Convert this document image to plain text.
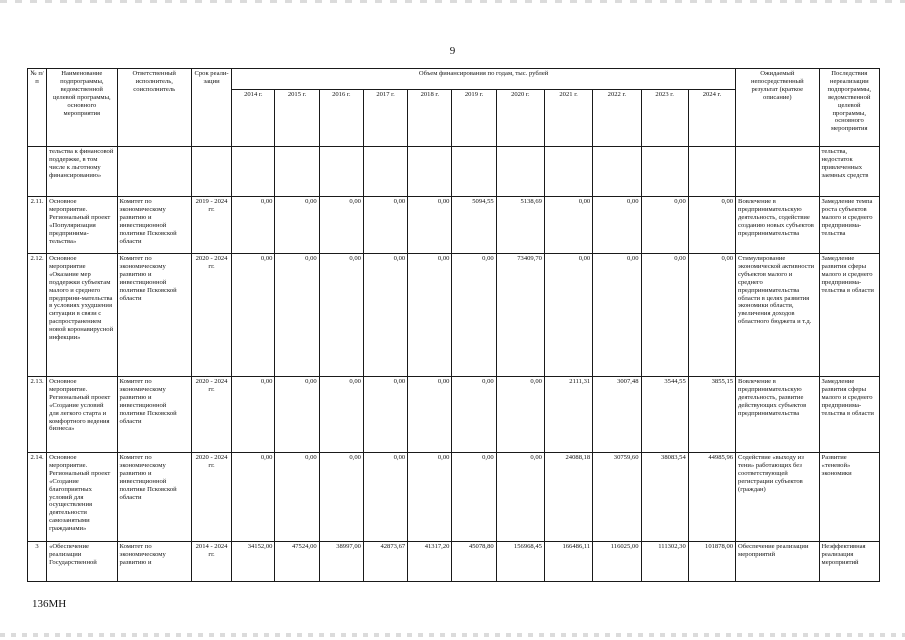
9
№ п/п	Наименование подпрограммы, ведомственной целевой программы, основного мероприятия	Ответственный исполнитель, соисполнитель	Срок реали-зации	Объем финансирования по годам, тыс. рублей											Ожидаемый непосредственный результат (краткое описание)	Последствия нереализации подпрограммы, ведомственной целевой программы, основного мероприятия
				2014 г.	2015 г.	2016 г.	2017 г.	2018 г.	2019 г.	2020 г.	2021 г.	2022 г.	2023 г.	2024 г.		
	тельства к финансовой поддержке, в том числе к льготному финансированию»															тельства, недостаток привлеченных заемных средств
2.11.	Основное мероприятие. Региональный проект «Популяризация предпринима-тельства»	Комитет по экономическому развитию и инвестиционной политике Псковской области	2019 - 2024 гг.	0,00	0,00	0,00	0,00	0,00	5094,55	5138,69	0,00	0,00	0,00	0,00	Вовлечение в предпринимательскую деятельность, содействие созданию новых субъектов предпринимательства	Замедление темпа роста субъектов малого и среднего предпринима-тельства
2.12.	Основное мероприятие «Оказание мер поддержки субъектам малого и среднего предприни-мательства в условиях ухудшения ситуации в связи с распространением новой коронавирусной инфекции»	Комитет по экономическому развитию и инвестиционной политике Псковской области	2020 - 2024 гг.	0,00	0,00	0,00	0,00	0,00	0,00	73409,70	0,00	0,00	0,00	0,00	Стимулирование экономической активности субъектов малого и среднего предпринимательства области в целях развития экономики области, увеличения доходов областного бюджета и т.д.	Замедление развития сферы малого и среднего предпринима-тельства в области
2.13.	Основное мероприятие. Региональный проект «Создание условий для легкого старта и комфортного ведения бизнеса»	Комитет по экономическому развитию и инвестиционной политике Псковской области	2020 - 2024 гг.	0,00	0,00	0,00	0,00	0,00	0,00	0,00	2111,31	3007,48	3544,55	3855,15	Вовлечение в предпринимательскую деятельность, развитие действующих субъектов предпринимательства	Замедление развития сферы малого и среднего предпринима-тельства в области
2.14.	Основное мероприятие. Региональный проект «Создание благоприятных условий для осуществления деятельности самозанятыми гражданами»	Комитет по экономическому развитию и инвестиционной политике Псковской области	2020 - 2024 гг.	0,00	0,00	0,00	0,00	0,00	0,00	0,00	24088,18	30759,60	38083,54	44985,96	Содействие «выходу из тени» работающих без соответствующей регистрации субъектов (граждан)	Развитие «теневой» экономики
3	«Обеспечение реализации Государственной	Комитет по экономическому развитию и	2014 - 2024 гг.	34152,00	47524,00	38997,00	42873,67	41317,20	45078,80	156968,45	166486,11	116025,00	111302,30	101878,00	Обеспечение реализации мероприятий	Неэффективная реализация мероприятий
136МН
